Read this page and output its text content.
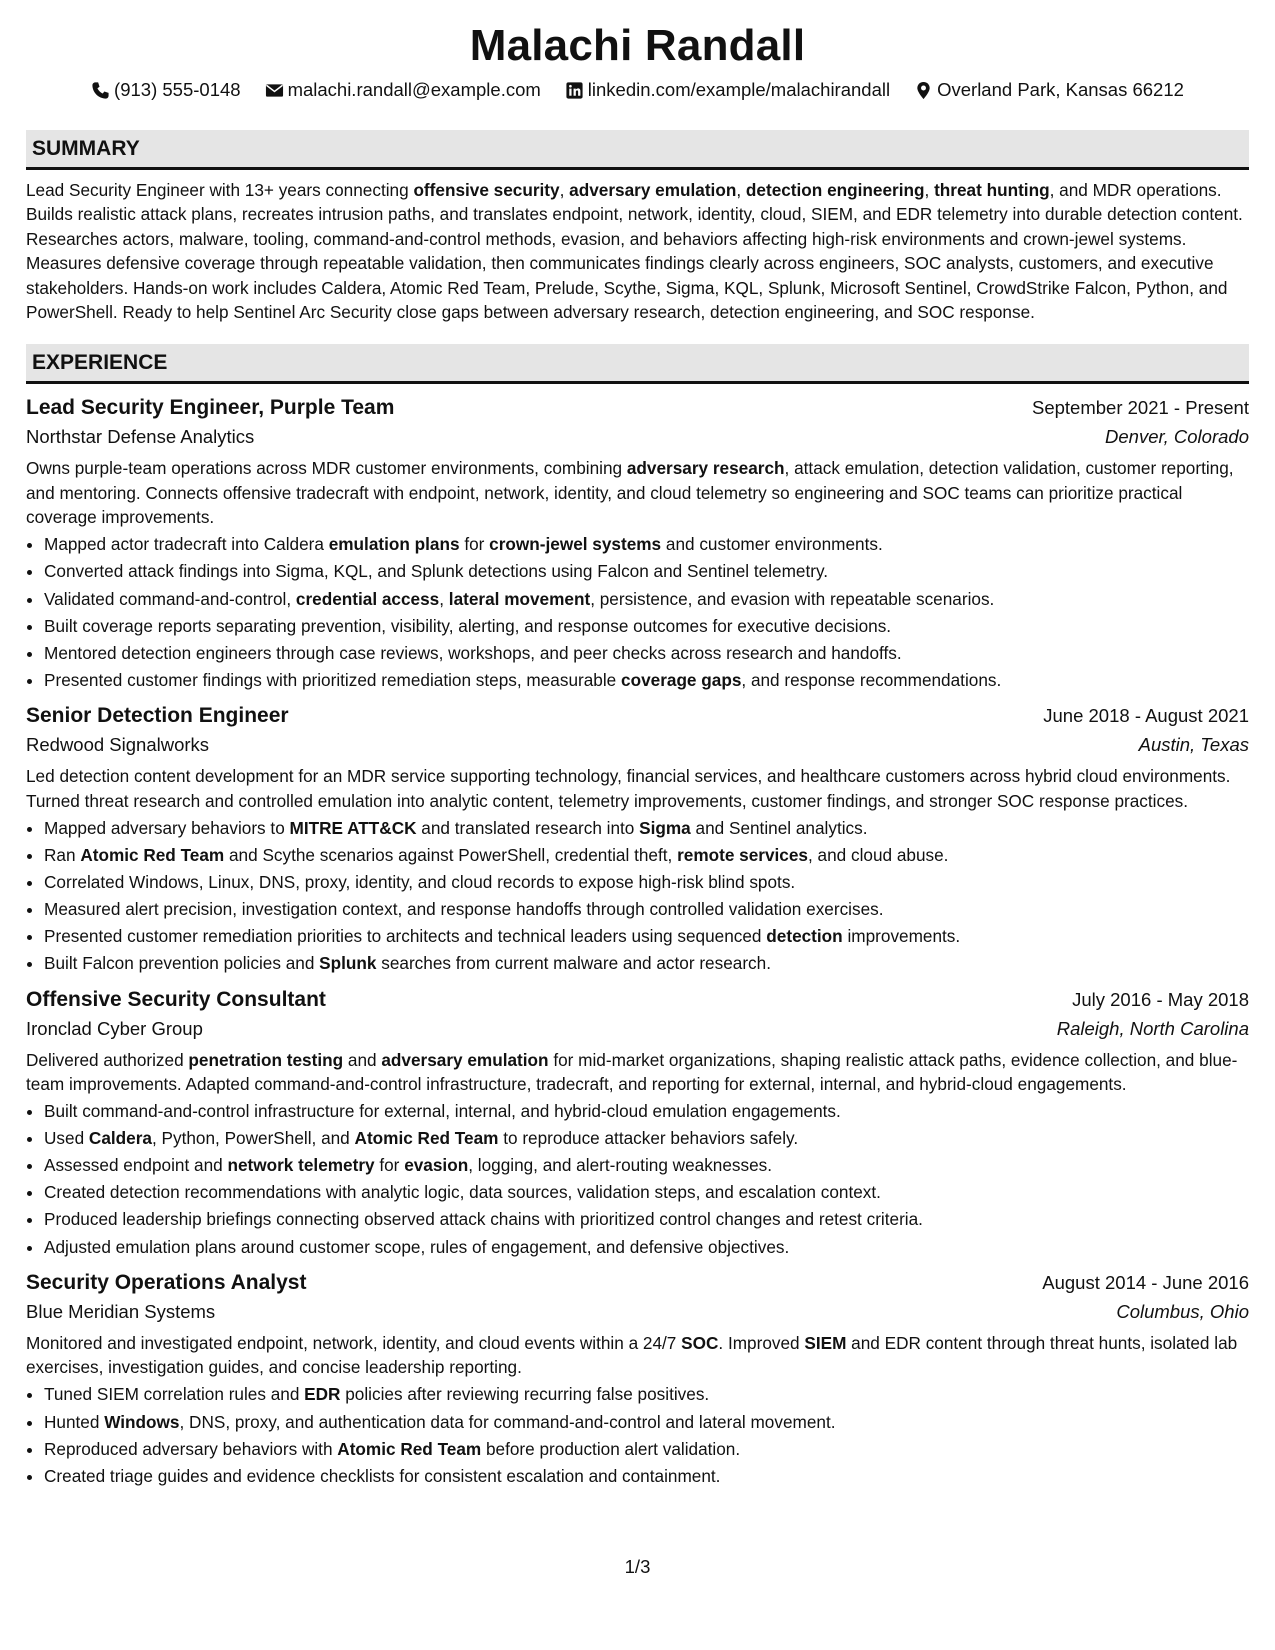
Malachi Randall
(913) 555-0148	malachi.randall@example.com	linkedin.com/example/malachirandall	Overland Park, Kansas 66212
SUMMARY
Lead Security Engineer with 13+ years connecting offensive security, adversary emulation, detection engineering, threat hunting, and MDR operations. Builds realistic attack plans, recreates intrusion paths, and translates endpoint, network, identity, cloud, SIEM, and EDR telemetry into durable detection content. Researches actors, malware, tooling, command-and-control methods, evasion, and behaviors affecting high-risk environments and crown-jewel systems. Measures defensive coverage through repeatable validation, then communicates findings clearly across engineers, SOC analysts, customers, and executive stakeholders. Hands-on work includes Caldera, Atomic Red Team, Prelude, Scythe, Sigma, KQL, Splunk, Microsoft Sentinel, CrowdStrike Falcon, Python, and PowerShell. Ready to help Sentinel Arc Security close gaps between adversary research, detection engineering, and SOC response.
EXPERIENCE
Lead Security Engineer, Purple Team	September 2021 - Present
Northstar Defense Analytics	Denver, Colorado
Owns purple-team operations across MDR customer environments, combining adversary research, attack emulation, detection validation, customer reporting, and mentoring. Connects offensive tradecraft with endpoint, network, identity, and cloud telemetry so engineering and SOC teams can prioritize practical coverage improvements.
• Mapped actor tradecraft into Caldera emulation plans for crown-jewel systems and customer environments.
• Converted attack findings into Sigma, KQL, and Splunk detections using Falcon and Sentinel telemetry.
• Validated command-and-control, credential access, lateral movement, persistence, and evasion with repeatable scenarios.
• Built coverage reports separating prevention, visibility, alerting, and response outcomes for executive decisions.
• Mentored detection engineers through case reviews, workshops, and peer checks across research and handoffs.
• Presented customer findings with prioritized remediation steps, measurable coverage gaps, and response recommendations.
Senior Detection Engineer	June 2018 - August 2021
Redwood Signalworks	Austin, Texas
Led detection content development for an MDR service supporting technology, financial services, and healthcare customers across hybrid cloud environments. Turned threat research and controlled emulation into analytic content, telemetry improvements, customer findings, and stronger SOC response practices.
• Mapped adversary behaviors to MITRE ATT&CK and translated research into Sigma and Sentinel analytics.
• Ran Atomic Red Team and Scythe scenarios against PowerShell, credential theft, remote services, and cloud abuse.
• Correlated Windows, Linux, DNS, proxy, identity, and cloud records to expose high-risk blind spots.
• Measured alert precision, investigation context, and response handoffs through controlled validation exercises.
• Presented customer remediation priorities to architects and technical leaders using sequenced detection improvements.
• Built Falcon prevention policies and Splunk searches from current malware and actor research.
Offensive Security Consultant	July 2016 - May 2018
Ironclad Cyber Group	Raleigh, North Carolina
Delivered authorized penetration testing and adversary emulation for mid-market organizations, shaping realistic attack paths, evidence collection, and blue-team improvements. Adapted command-and-control infrastructure, tradecraft, and reporting for external, internal, and hybrid-cloud engagements.
• Built command-and-control infrastructure for external, internal, and hybrid-cloud emulation engagements.
• Used Caldera, Python, PowerShell, and Atomic Red Team to reproduce attacker behaviors safely.
• Assessed endpoint and network telemetry for evasion, logging, and alert-routing weaknesses.
• Created detection recommendations with analytic logic, data sources, validation steps, and escalation context.
• Produced leadership briefings connecting observed attack chains with prioritized control changes and retest criteria.
• Adjusted emulation plans around customer scope, rules of engagement, and defensive objectives.
Security Operations Analyst	August 2014 - June 2016
Blue Meridian Systems	Columbus, Ohio
Monitored and investigated endpoint, network, identity, and cloud events within a 24/7 SOC. Improved SIEM and EDR content through threat hunts, isolated lab exercises, investigation guides, and concise leadership reporting.
• Tuned SIEM correlation rules and EDR policies after reviewing recurring false positives.
• Hunted Windows, DNS, proxy, and authentication data for command-and-control and lateral movement.
• Reproduced adversary behaviors with Atomic Red Team before production alert validation.
• Created triage guides and evidence checklists for consistent escalation and containment.
1/3
